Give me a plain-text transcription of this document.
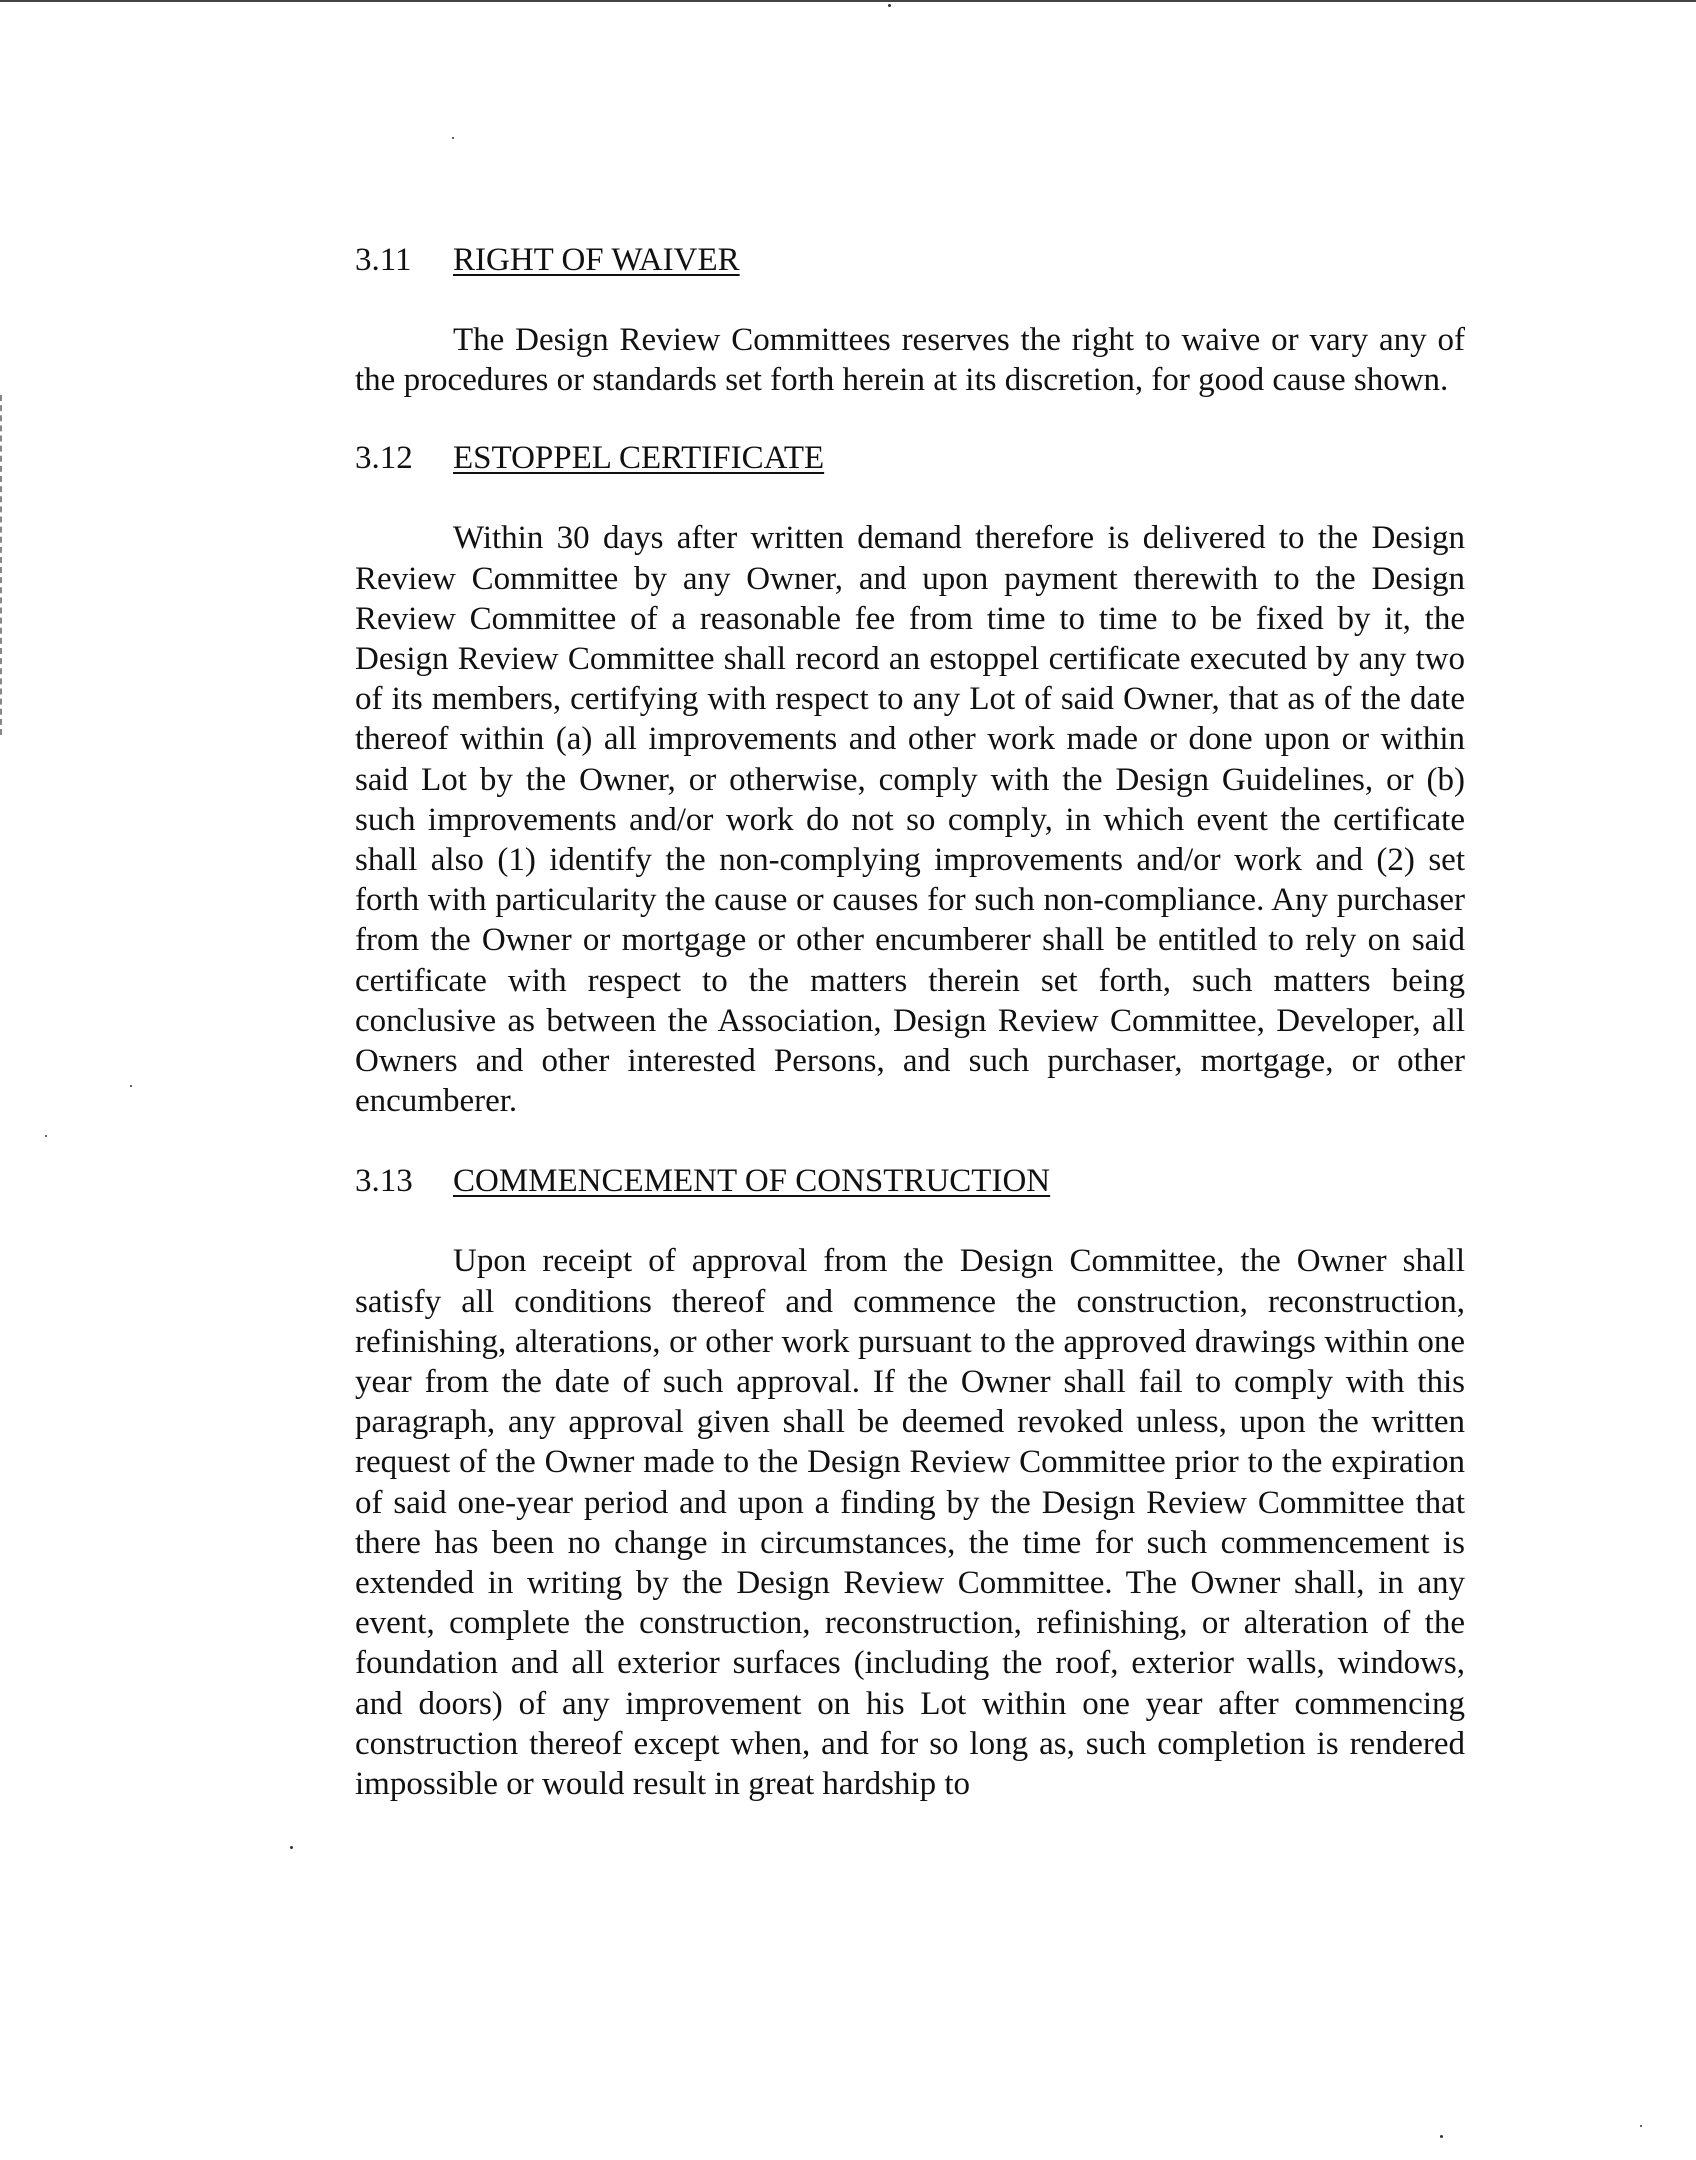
3.11	RIGHT OF WAIVER

The Design Review Committees reserves the right to waive or vary any of the procedures or standards set forth herein at its discretion, for good cause shown.

3.12	ESTOPPEL CERTIFICATE

Within 30 days after written demand therefore is delivered to the Design Review Committee by any Owner, and upon payment therewith to the Design Review Committee of a reasonable fee from time to time to be fixed by it, the Design Review Committee shall record an estoppel certificate executed by any two of its members, certifying with respect to any Lot of said Owner, that as of the date thereof within (a) all improvements and other work made or done upon or within said Lot by the Owner, or otherwise, comply with the Design Guidelines, or (b) such improvements and/or work do not so comply, in which event the certificate shall also (1) identify the non-complying improvements and/or work and (2) set forth with particularity the cause or causes for such non-compliance. Any purchaser from the Owner or mortgage or other encumberer shall be entitled to rely on said certificate with respect to the matters therein set forth, such matters being conclusive as between the Association, Design Review Committee, Developer, all Owners and other interested Persons, and such purchaser, mortgage, or other encumberer.

3.13	COMMENCEMENT OF CONSTRUCTION

Upon receipt of approval from the Design Committee, the Owner shall satisfy all conditions thereof and commence the construction, reconstruction, refinishing, alterations, or other work pursuant to the approved drawings within one year from the date of such approval. If the Owner shall fail to comply with this paragraph, any approval given shall be deemed revoked unless, upon the written request of the Owner made to the Design Review Committee prior to the expiration of said one-year period and upon a finding by the Design Review Committee that there has been no change in circumstances, the time for such commencement is extended in writing by the Design Review Committee. The Owner shall, in any event, complete the construction, reconstruction, refinishing, or alteration of the foundation and all exterior surfaces (including the roof, exterior walls, windows, and doors) of any improvement on his Lot within one year after commencing construction thereof except when, and for so long as, such completion is rendered impossible or would result in great hardship to
